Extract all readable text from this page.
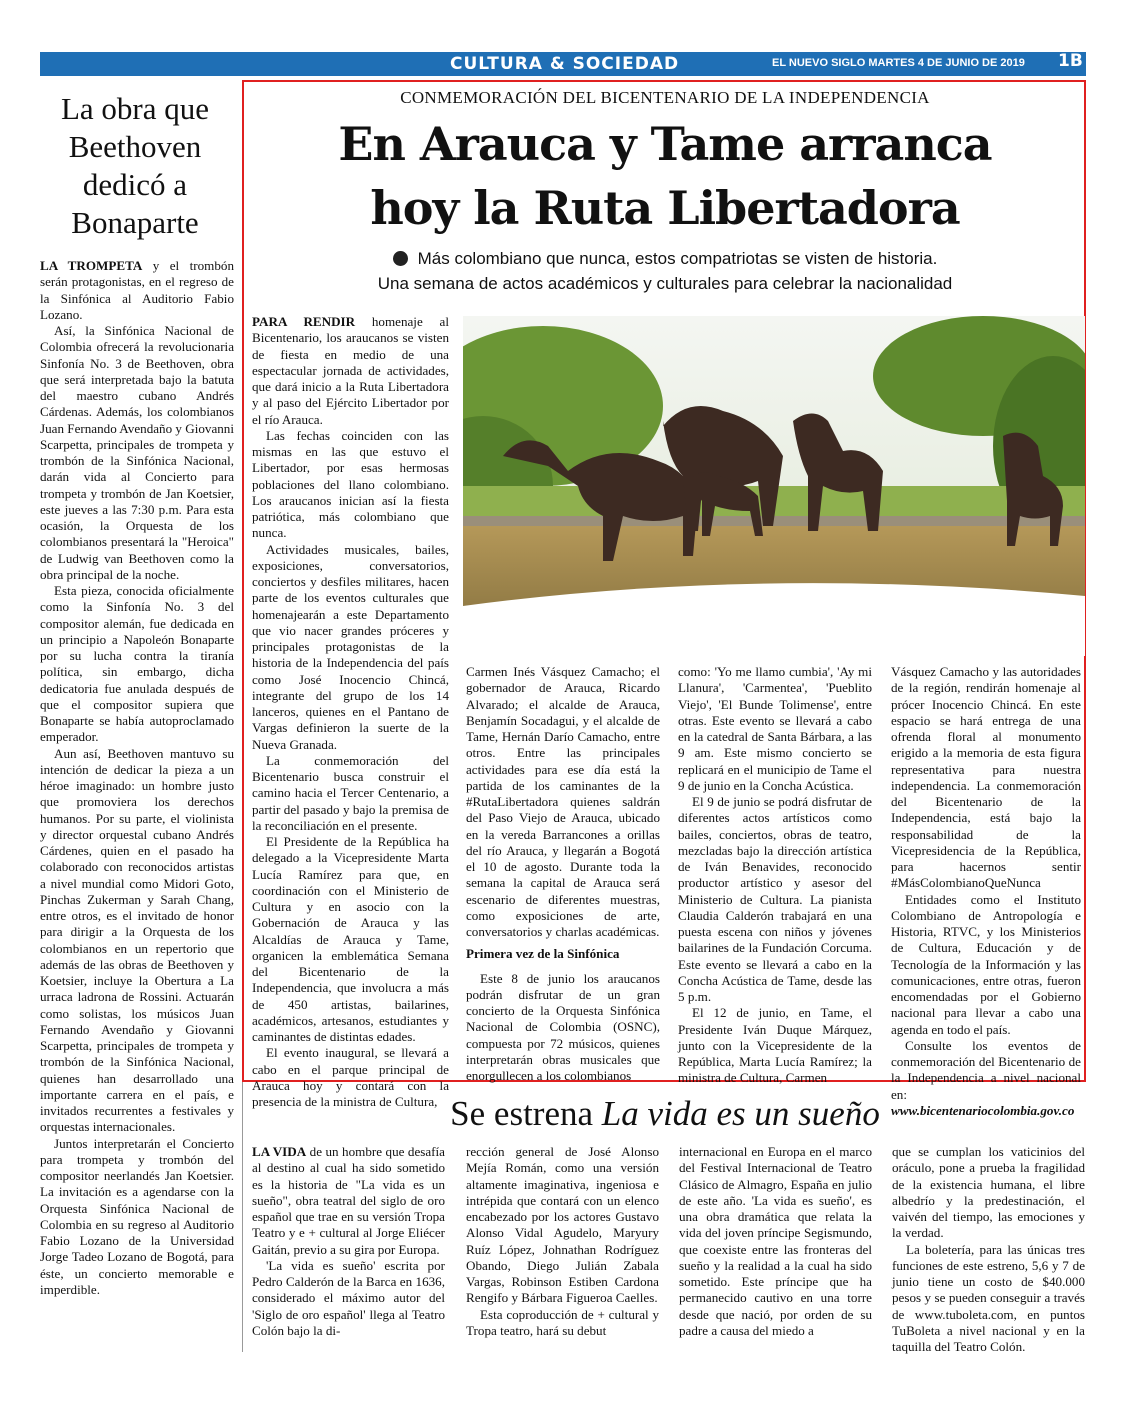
CULTURA & SOCIEDAD	EL NUEVO SIGLO MARTES 4 DE JUNIO DE 2019 1B
La obra que Beethoven dedicó a Bonaparte

LA TROMPETA y el trombón serán protagonistas, en el regreso de la Sinfónica al Auditorio Fabio Lozano.

Así, la Sinfónica Nacional de Colombia ofrecerá la revolucionaria Sinfonía No. 3 de Beethoven, obra que será interpretada bajo la batuta del maestro cubano Andrés Cárdenas. Además, los colombianos Juan Fernando Avendaño y Giovanni Scarpetta, principales de trompeta y trombón de la Sinfónica Nacional, darán vida al Concierto para trompeta y trombón de Jan Koetsier, este jueves a las 7:30 p.m. Para esta ocasión, la Orquesta de los colombianos presentará la "Heroica" de Ludwig van Beethoven como la obra principal de la noche.

Esta pieza, conocida oficialmente como la Sinfonía No. 3 del compositor alemán, fue dedicada en un principio a Napoleón Bonaparte por su lucha contra la tiranía política, sin embargo, dicha dedicatoria fue anulada después de que el compositor supiera que Bonaparte se había autoproclamado emperador.

Aun así, Beethoven mantuvo su intención de dedicar la pieza a un héroe imaginado: un hombre justo que promoviera los derechos humanos. Por su parte, el violinista y director orquestal cubano Andrés Cárdenes, quien en el pasado ha colaborado con reconocidos artistas a nivel mundial como Midori Goto, Pinchas Zukerman y Sarah Chang, entre otros, es el invitado de honor para dirigir a la Orquesta de los colombianos en un repertorio que además de las obras de Beethoven y Koetsier, incluye la Obertura a La urraca ladrona de Rossini. Actuarán como solistas, los músicos Juan Fernando Avendaño y Giovanni Scarpetta, principales de trompeta y trombón de la Sinfónica Nacional, quienes han desarrollado una importante carrera en el país, e invitados recurrentes a festivales y orquestas internacionales.

Juntos interpretarán el Concierto para trompeta y trombón del compositor neerlandés Jan Koetsier. La invitación es a agendarse con la Orquesta Sinfónica Nacional de Colombia en su regreso al Auditorio Fabio Lozano de la Universidad Jorge Tadeo Lozano de Bogotá, para éste, un concierto memorable e imperdible.

CONMEMORACIÓN DEL BICENTENARIO DE LA INDEPENDENCIA
En Arauca y Tame arranca
hoy la Ruta Libertadora
Más colombiano que nunca, estos compatriotas se visten de historia.
Una semana de actos académicos y culturales para celebrar la nacionalidad

PARA RENDIR homenaje al Bicentenario, los araucanos se visten de fiesta en medio de una espectacular jornada de actividades, que dará inicio a la Ruta Libertadora y al paso del Ejército Libertador por el río Arauca.

Las fechas coinciden con las mismas en las que estuvo el Libertador, por esas hermosas poblaciones del llano colombiano. Los araucanos inician así la fiesta patriótica, más colombiano que nunca.

Actividades musicales, bailes, exposiciones, conversatorios, conciertos y desfiles militares, hacen parte de los eventos culturales que homenajearán a este Departamento que vio nacer grandes próceres y principales protagonistas de la historia de la Independencia del país como José Inocencio Chincá, integrante del grupo de los 14 lanceros, quienes en el Pantano de Vargas definieron la suerte de la Nueva Granada.

La conmemoración del Bicentenario busca construir el camino hacia el Tercer Centenario, a partir del pasado y bajo la premisa de la reconciliación en el presente.

El Presidente de la República ha delegado a la Vicepresidente Marta Lucía Ramírez para que, en coordinación con el Ministerio de Cultura y en asocio con la Gobernación de Arauca y las Alcaldías de Arauca y Tame, organicen la emblemática Semana del Bicentenario de la Independencia, que involucra a más de 450 artistas, bailarines, académicos, artesanos, estudiantes y caminantes de distintas edades.

El evento inaugural, se llevará a cabo en el parque principal de Arauca hoy y contará con la presencia de la ministra de Cultura,

Carmen Inés Vásquez Camacho; el gobernador de Arauca, Ricardo Alvarado; el alcalde de Arauca, Benjamín Socadagui, y el alcalde de Tame, Hernán Darío Camacho, entre otros. Entre las principales actividades para ese día está la partida de los caminantes de la #RutaLibertadora quienes saldrán del Paso Viejo de Arauca, ubicado en la vereda Barrancones a orillas del río Arauca, y llegarán a Bogotá el 10 de agosto. Durante toda la semana la capital de Arauca será escenario de diferentes muestras, como exposiciones de arte, conversatorios y charlas académicas.

Primera vez de la Sinfónica

Este 8 de junio los araucanos podrán disfrutar de un gran concierto de la Orquesta Sinfónica Nacional de Colombia (OSNC), compuesta por 72 músicos, quienes interpretarán obras musicales que enorgullecen a los colombianos

como: 'Yo me llamo cumbia', 'Ay mi Llanura', 'Carmentea', 'Pueblito Viejo', 'El Bunde Tolimense', entre otras. Este evento se llevará a cabo en la catedral de Santa Bárbara, a las 9 am. Este mismo concierto se replicará en el municipio de Tame el 9 de junio en la Concha Acústica.

El 9 de junio se podrá disfrutar de diferentes actos artísticos como bailes, conciertos, obras de teatro, mezcladas bajo la dirección artística de Iván Benavides, reconocido productor artístico y asesor del Ministerio de Cultura. La pianista Claudia Calderón trabajará en una puesta escena con niños y jóvenes bailarines de la Fundación Corcuma. Este evento se llevará a cabo en la Concha Acústica de Tame, desde las 5 p.m.

El 12 de junio, en Tame, el Presidente Iván Duque Márquez, junto con la Vicepresidente de la República, Marta Lucía Ramírez; la ministra de Cultura, Carmen

Vásquez Camacho y las autoridades de la región, rendirán homenaje al prócer Inocencio Chincá. En este espacio se hará entrega de una ofrenda floral al monumento erigido a la memoria de esta figura representativa para nuestra independencia. La conmemoración del Bicentenario de la Independencia, está bajo la responsabilidad de la Vicepresidencia de la República, para hacernos sentir #MásColombianoQueNunca

Entidades como el Instituto Colombiano de Antropología e Historia, RTVC, y los Ministerios de Cultura, Educación y de Tecnología de la Información y las comunicaciones, entre otras, fueron encomendadas por el Gobierno nacional para llevar a cabo una agenda en todo el país.

Consulte los eventos de conmemoración del Bicentenario de la Independencia a nivel nacional en:

www.bicentenariocolombia.gov.co

Se estrena La vida es un sueño

LA VIDA de un hombre que desafía al destino al cual ha sido sometido es la historia de "La vida es un sueño", obra teatral del siglo de oro español que trae en su versión Tropa Teatro y e + cultural al Jorge Eliécer Gaitán, previo a su gira por Europa.

'La vida es sueño' escrita por Pedro Calderón de la Barca en 1636, considerado el máximo autor del 'Siglo de oro español' llega al Teatro Colón bajo la di-

rección general de José Alonso Mejía Román, como una versión altamente imaginativa, ingeniosa e intrépida que contará con un elenco encabezado por los actores Gustavo Alonso Vidal Agudelo, Maryury Ruíz López, Johnathan Rodríguez Obando, Diego Julián Zabala Vargas, Robinson Estiben Cardona Rengifo y Bárbara Figueroa Caelles.

Esta coproducción de + cultural y Tropa teatro, hará su debut

internacional en Europa en el marco del Festival Internacional de Teatro Clásico de Almagro, España en julio de este año. 'La vida es sueño', es una obra dramática que relata la vida del joven príncipe Segismundo, que coexiste entre las fronteras del sueño y la realidad a la cual ha sido sometido. Este príncipe que ha permanecido cautivo en una torre desde que nació, por orden de su padre a causa del miedo a

que se cumplan los vaticinios del oráculo, pone a prueba la fragilidad de la existencia humana, el libre albedrío y la predestinación, el vaivén del tiempo, las emociones y la verdad.

La boletería, para las únicas tres funciones de este estreno, 5,6 y 7 de junio tiene un costo de $40.000 pesos y se pueden conseguir a través de www.tuboleta.com, en puntos TuBoleta a nivel nacional y en la taquilla del Teatro Colón.
